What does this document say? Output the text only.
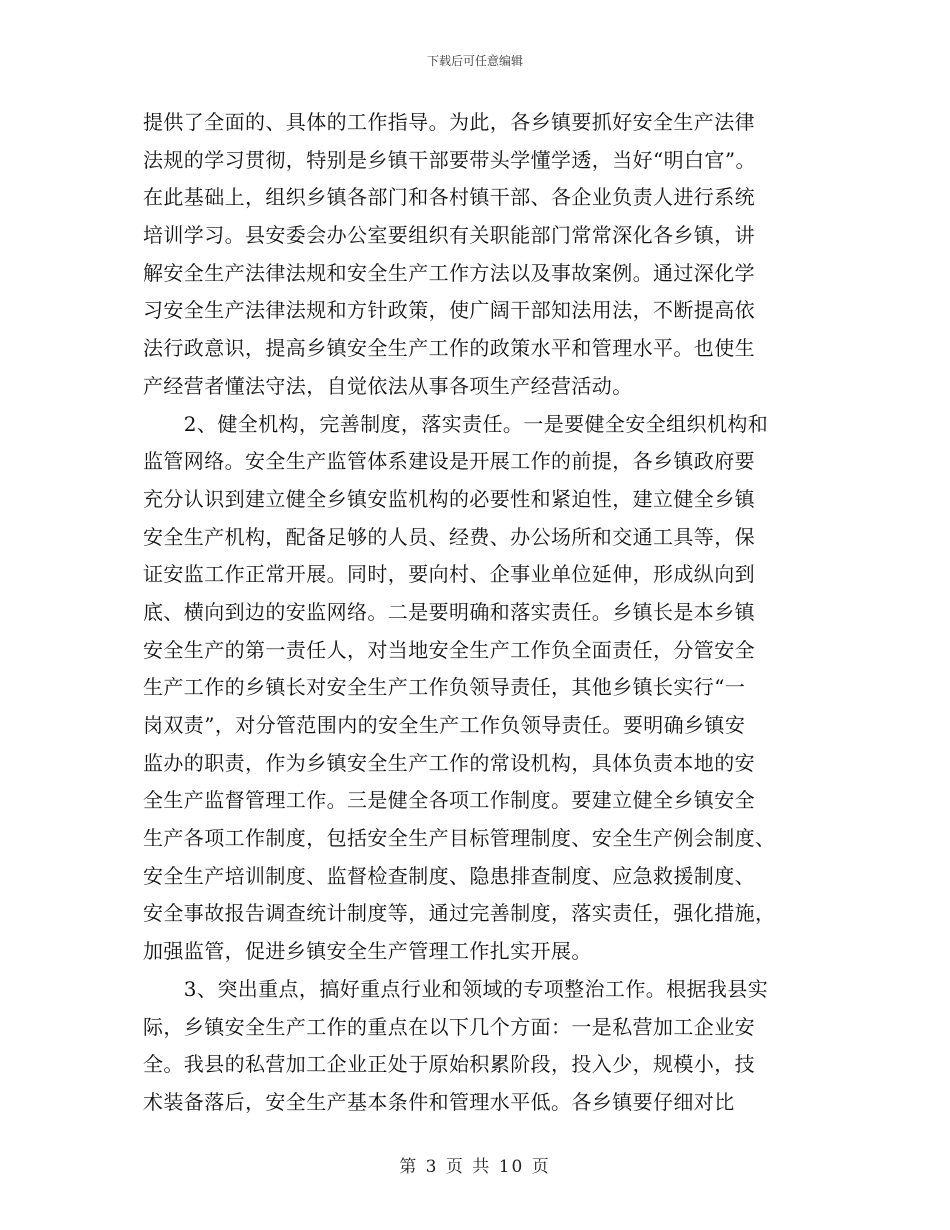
下载后可任意编辑
提供了全面的、具体的工作指导。为此，各乡镇要抓好安全生产法律
法规的学习贯彻，特别是乡镇干部要带头学懂学透，当好“明白官”。
在此基础上，组织乡镇各部门和各村镇干部、各企业负责人进行系统
培训学习。县安委会办公室要组织有关职能部门常常深化各乡镇，讲
解安全生产法律法规和安全生产工作方法以及事故案例。通过深化学
习安全生产法律法规和方针政策，使广阔干部知法用法，不断提高依
法行政意识，提高乡镇安全生产工作的政策水平和管理水平。也使生
产经营者懂法守法，自觉依法从事各项生产经营活动。
　　2、健全机构，完善制度，落实责任。一是要健全安全组织机构和
监管网络。安全生产监管体系建设是开展工作的前提，各乡镇政府要
充分认识到建立健全乡镇安监机构的必要性和紧迫性，建立健全乡镇
安全生产机构，配备足够的人员、经费、办公场所和交通工具等，保
证安监工作正常开展。同时，要向村、企事业单位延伸，形成纵向到
底、横向到边的安监网络。二是要明确和落实责任。乡镇长是本乡镇
安全生产的第一责任人，对当地安全生产工作负全面责任，分管安全
生产工作的乡镇长对安全生产工作负领导责任，其他乡镇长实行“一
岗双责”，对分管范围内的安全生产工作负领导责任。要明确乡镇安
监办的职责，作为乡镇安全生产工作的常设机构，具体负责本地的安
全生产监督管理工作。三是健全各项工作制度。要建立健全乡镇安全
生产各项工作制度，包括安全生产目标管理制度、安全生产例会制度、
安全生产培训制度、监督检查制度、隐患排查制度、应急救援制度、
安全事故报告调查统计制度等，通过完善制度，落实责任，强化措施，
加强监管，促进乡镇安全生产管理工作扎实开展。
　　3、突出重点，搞好重点行业和领域的专项整治工作。根据我县实
际，乡镇安全生产工作的重点在以下几个方面：一是私营加工企业安
全。我县的私营加工企业正处于原始积累阶段，投入少，规模小，技
术装备落后，安全生产基本条件和管理水平低。各乡镇要仔细对比
第 3 页 共 10 页
